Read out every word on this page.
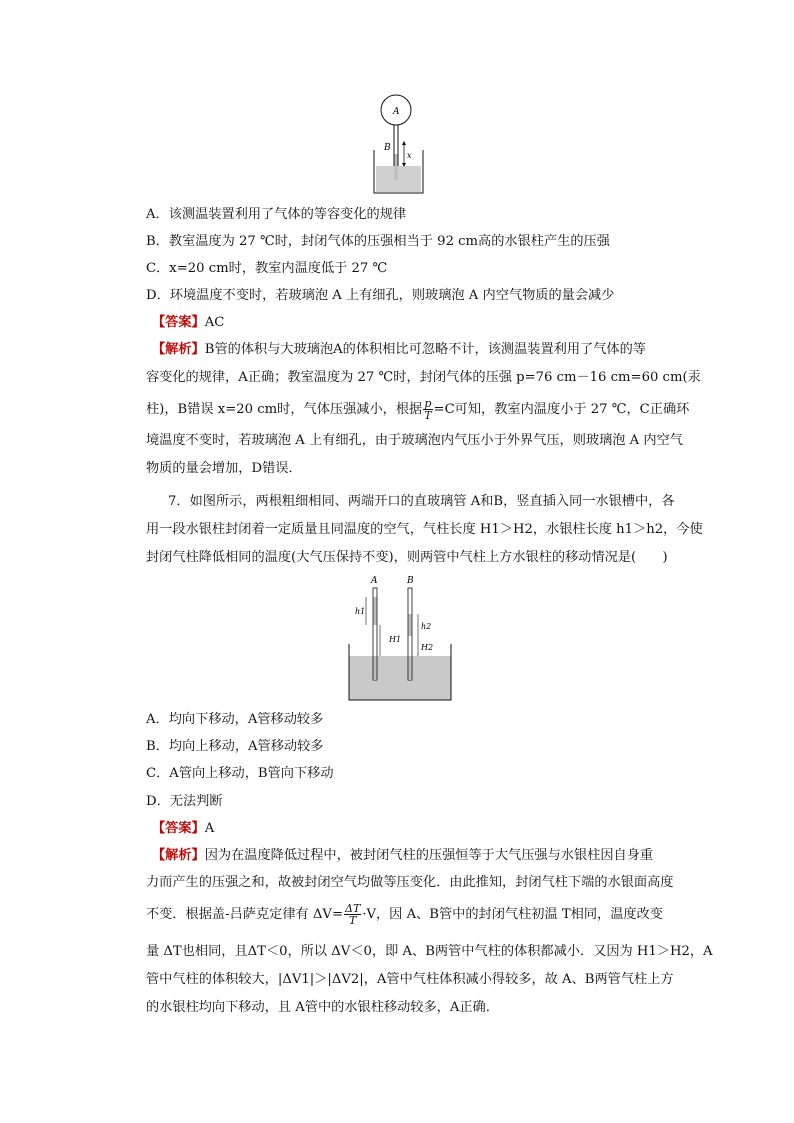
A
B
x
A．该测温装置利用了气体的等容变化的规律
B．教室温度为 27 ℃时，封闭气体的压强相当于 92 cm高的水银柱产生的压强
C．x=20 cm时，教室内温度低于 27 ℃
D．环境温度不变时，若玻璃泡 A 上有细孔，则玻璃泡 A 内空气物质的量会减少
【答案】AC
【解析】B管的体积与大玻璃泡A的体积相比可忽略不计，该测温装置利用了气体的等
容变化的规律，A正确；教室温度为 27 ℃时，封闭气体的压强 p=76 cm－16 cm=60 cm(汞
柱)，B错误 x=20 cm时，气体压强减小，根据 $\frac{p}{T} =C$可知，教室内温度小于 27 ℃，C正确环
境温度不变时，若玻璃泡 A 上有细孔，由于玻璃泡内气压小于外界气压，则玻璃泡 A 内空气
物质的量会增加，D错误．
7．如图所示，两根粗细相同、两端开口的直玻璃管 A和B，竖直插入同一水银槽中，各
用一段水银柱封闭着一定质量且同温度的空气，气柱长度 H1＞H2，水银柱长度 h1＞h2，今使
封闭气柱降低相同的温度(大气压保持不变)，则两管中气柱上方水银柱的移动情况是(　　)
A
h1
H1
B
h2
H2
A．均向下移动，A管移动较多
B．均向上移动，A管移动较多
C．A管向上移动，B管向下移动
D．无法判断
【答案】A
【解析】因为在温度降低过程中，被封闭气柱的压强恒等于大气压强与水银柱因自身重
力而产生的压强之和，故被封闭空气均做等压变化．由此推知，封闭气柱下端的水银面高度
不变．根据盖-吕萨克定律有 $\Delta V= \frac{\Delta T}{T} \cdot V$，因 A、B管中的封闭气柱初温 T相同，温度改变
量 ΔT也相同，且ΔT＜0，所以 ΔV＜0，即 A、B两管中气柱的体积都减小．又因为 H1＞H2，A
管中气柱的体积较大，|ΔV1|＞|ΔV2|，A管中气柱体积减小得较多，故 A、B两管气柱上方
的水银柱均向下移动，且 A管中的水银柱移动较多，A正确．
